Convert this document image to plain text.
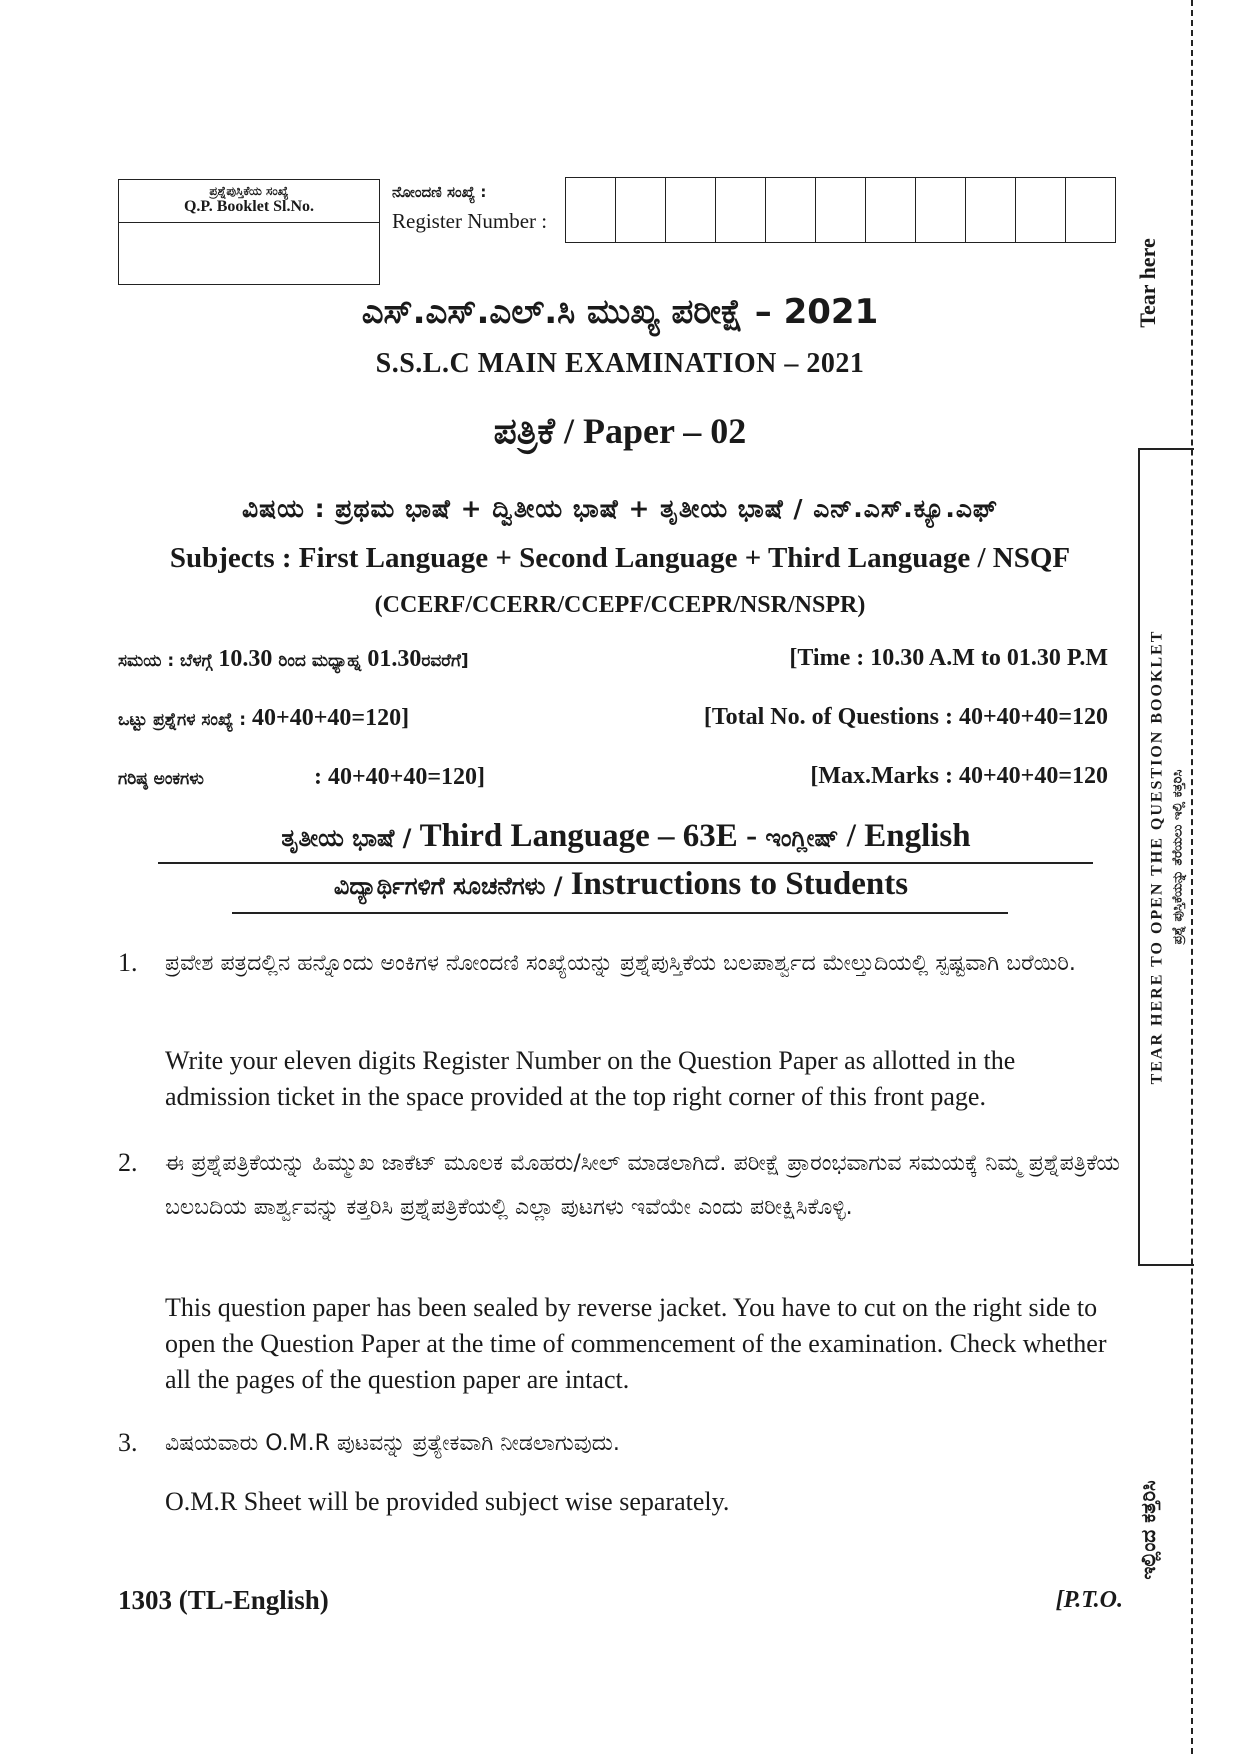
ಪ್ರಶ್ನೆಪುಸ್ತಿಕೆಯ ಸಂಖ್ಯೆ
Q.P. Booklet Sl.No.
ನೋಂದಣಿ ಸಂಖ್ಯೆ :
Register Number :
ಎಸ್.ಎಸ್.ಎಲ್.ಸಿ ಮುಖ್ಯ ಪರೀಕ್ಷೆ – 2021
S.S.L.C MAIN EXAMINATION – 2021
ಪತ್ರಿಕೆ / Paper – 02
ವಿಷಯ : ಪ್ರಥಮ ಭಾಷೆ + ದ್ವಿತೀಯ ಭಾಷೆ + ತೃತೀಯ ಭಾಷೆ / ಎನ್.ಎಸ್.ಕ್ಯೂ.ಎಫ್
Subjects : First Language + Second Language + Third Language / NSQF
(CCERF/CCERR/CCEPF/CCEPR/NSR/NSPR)
ಸಮಯ : ಬೆಳಗ್ಗೆ 10.30 ರಿಂದ ಮಧ್ಯಾಹ್ನ 01.30ರವರೆಗೆ]	[Time : 10.30 A.M to 01.30 P.M
ಒಟ್ಟು ಪ್ರಶ್ನೆಗಳ ಸಂಖ್ಯೆ : 40+40+40=120]	[Total No. of Questions : 40+40+40=120
ಗರಿಷ್ಠ ಅಂಕಗಳು	: 40+40+40=120]	[Max.Marks : 40+40+40=120
ತೃತೀಯ ಭಾಷೆ / Third Language – 63E - ಇಂಗ್ಲೀಷ್ / English
ವಿದ್ಯಾರ್ಥಿಗಳಿಗೆ ಸೂಚನೆಗಳು / Instructions to Students
1. ಪ್ರವೇಶ ಪತ್ರದಲ್ಲಿನ ಹನ್ನೊಂದು ಅಂಕಿಗಳ ನೋಂದಣಿ ಸಂಖ್ಯೆಯನ್ನು ಪ್ರಶ್ನೆಪುಸ್ತಿಕೆಯ ಬಲಪಾರ್ಶ್ವದ ಮೇಲ್ತುದಿಯಲ್ಲಿ ಸ್ಪಷ್ಟವಾಗಿ ಬರೆಯಿರಿ.
Write your eleven digits Register Number on the Question Paper as allotted in the admission ticket in the space provided at the top right corner of this front page.
2. ಈ ಪ್ರಶ್ನೆಪತ್ರಿಕೆಯನ್ನು ಹಿಮ್ಮುಖ ಜಾಕೆಟ್ ಮೂಲಕ ಮೊಹರು/ಸೀಲ್ ಮಾಡಲಾಗಿದೆ. ಪರೀಕ್ಷೆ ಪ್ರಾರಂಭವಾಗುವ ಸಮಯಕ್ಕೆ ನಿಮ್ಮ ಪ್ರಶ್ನೆಪತ್ರಿಕೆಯ ಬಲಬದಿಯ ಪಾರ್ಶ್ವವನ್ನು ಕತ್ತರಿಸಿ ಪ್ರಶ್ನೆಪತ್ರಿಕೆಯಲ್ಲಿ ಎಲ್ಲಾ ಪುಟಗಳು ಇವೆಯೇ ಎಂದು ಪರೀಕ್ಷಿಸಿಕೊಳ್ಳಿ.
This question paper has been sealed by reverse jacket. You have to cut on the right side to open the Question Paper at the time of commencement of the examination. Check whether all the pages of the question paper are intact.
3. ವಿಷಯವಾರು O.M.R ಪುಟವನ್ನು ಪ್ರತ್ಯೇಕವಾಗಿ ನೀಡಲಾಗುವುದು.
O.M.R Sheet will be provided subject wise separately.
1303 (TL-English)	[P.T.O.
Tear here
TEAR HERE TO OPEN THE QUESTION BOOKLET ಪ್ರಶ್ನೆ ಪುಸ್ತಿಕೆಯನ್ನು ತೆರೆಯಲು ಇಲ್ಲಿ ಕತ್ತರಿಸಿ
ಇಲ್ಲಿಂದ ಕತ್ತರಿಸಿ
